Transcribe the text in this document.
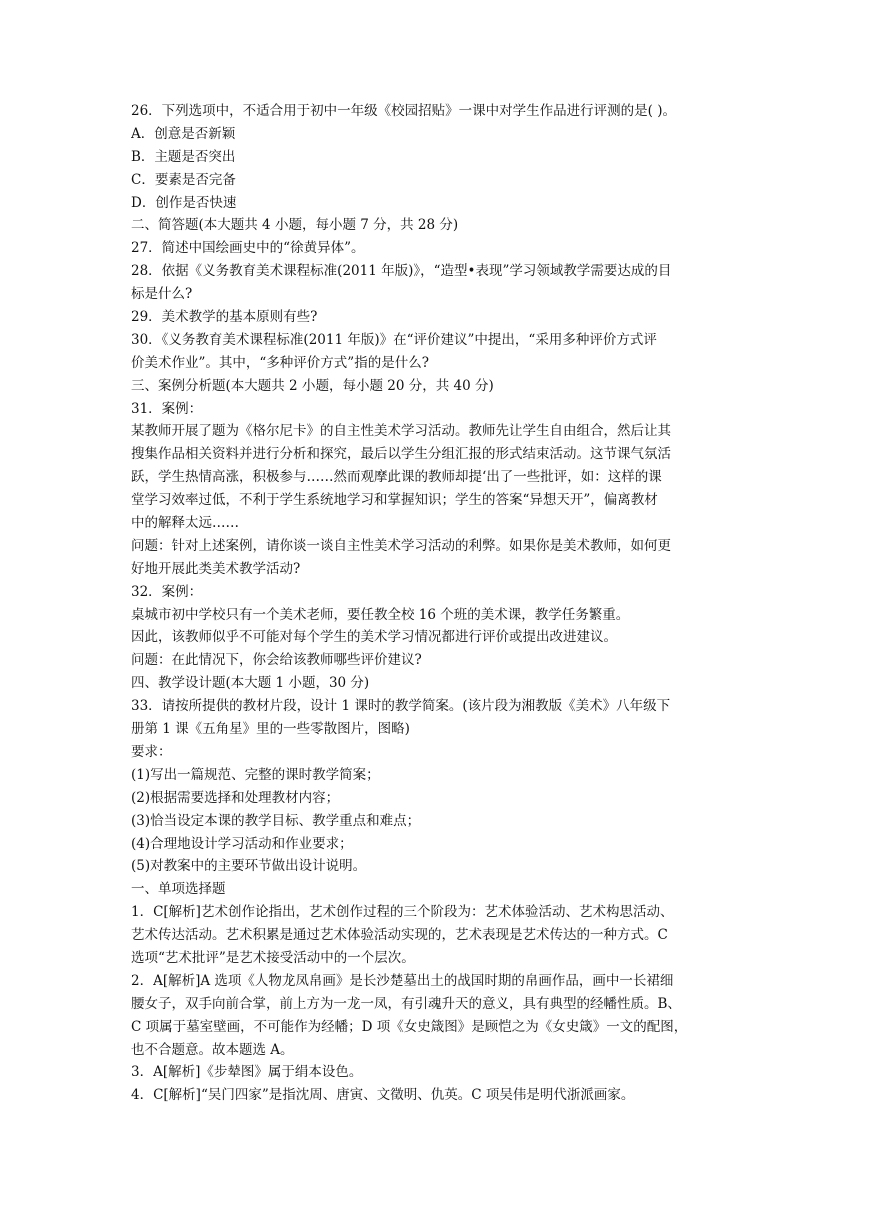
26．下列选项中，不适合用于初中一年级《校园招贴》一课中对学生作品进行评测的是( )。
A．创意是否新颖
B．主题是否突出
C．要素是否完备
D．创作是否快速
二、简答题(本大题共 4 小题，每小题 7 分，共 28 分)
27．简述中国绘画史中的“徐黄异体”。
28．依据《义务教育美术课程标准(2011 年版)》，“造型•表现”学习领域教学需要达成的目
标是什么?
29．美术教学的基本原则有些?
30．《义务教育美术课程标准(2011 年版)》在“评价建议”中提出，“采用多种评价方式评
价美术作业”。其中，“多种评价方式”指的是什么?
三、案例分析题(本大题共 2 小题，每小题 20 分，共 40 分)
31．案例：
某教师开展了题为《格尔尼卡》的自主性美术学习活动。教师先让学生自由组合，然后让其
搜集作品相关资料并进行分析和探究，最后以学生分组汇报的形式结束活动。这节课气氛活
跃，学生热情高涨，积极参与……然而观摩此课的教师却提‘出了一些批评，如：这样的课
堂学习效率过低，不利于学生系统地学习和掌握知识；学生的答案“异想天开”，偏离教材
中的解释太远……
问题：针对上述案例，请你谈一谈自主性美术学习活动的利弊。如果你是美术教师，如何更
好地开展此类美术教学活动?
32．案例：
桌城市初中学校只有一个美术老师，要任教全校 16 个班的美术课，教学任务繁重。
因此，该教师似乎不可能对每个学生的美术学习情况都进行评价或提出改进建议。
问题：在此情况下，你会给该教师哪些评价建议?
四、教学设计题(本大题 1 小题，30 分)
33．请按所提供的教材片段，设计 1 课时的教学简案。(该片段为湘教版《美术》八年级下
册第 1 课《五角星》里的一些零散图片，图略)
要求：
(1)写出一篇规范、完整的课时教学简案；
(2)根据需要选择和处理教材内容；
(3)恰当设定本课的教学目标、教学重点和难点；
(4)合理地设计学习活动和作业要求；
(5)对教案中的主要环节做出设计说明。
一、单项选择题
1．C[解析]艺术创作论指出，艺术创作过程的三个阶段为：艺术体验活动、艺术构思活动、
艺术传达活动。艺术积累是通过艺术体验活动实现的，艺术表现是艺术传达的一种方式。C
选项“艺术批评”是艺术接受活动中的一个层次。
2．A[解析]A 选项《人物龙凤帛画》是长沙楚墓出土的战国时期的帛画作品，画中一长裙细
腰女子，双手向前合掌，前上方为一龙一凤，有引魂升天的意义，具有典型的经幡性质。B、
C 项属于墓室壁画，不可能作为经幡；D 项《女史箴图》是顾恺之为《女史箴》一文的配图，
也不合题意。故本题选 A。
3．A[解析]《步辇图》属于绢本设色。
4．C[解析]“吴门四家”是指沈周、唐寅、文徵明、仇英。C 项吴伟是明代浙派画家。
